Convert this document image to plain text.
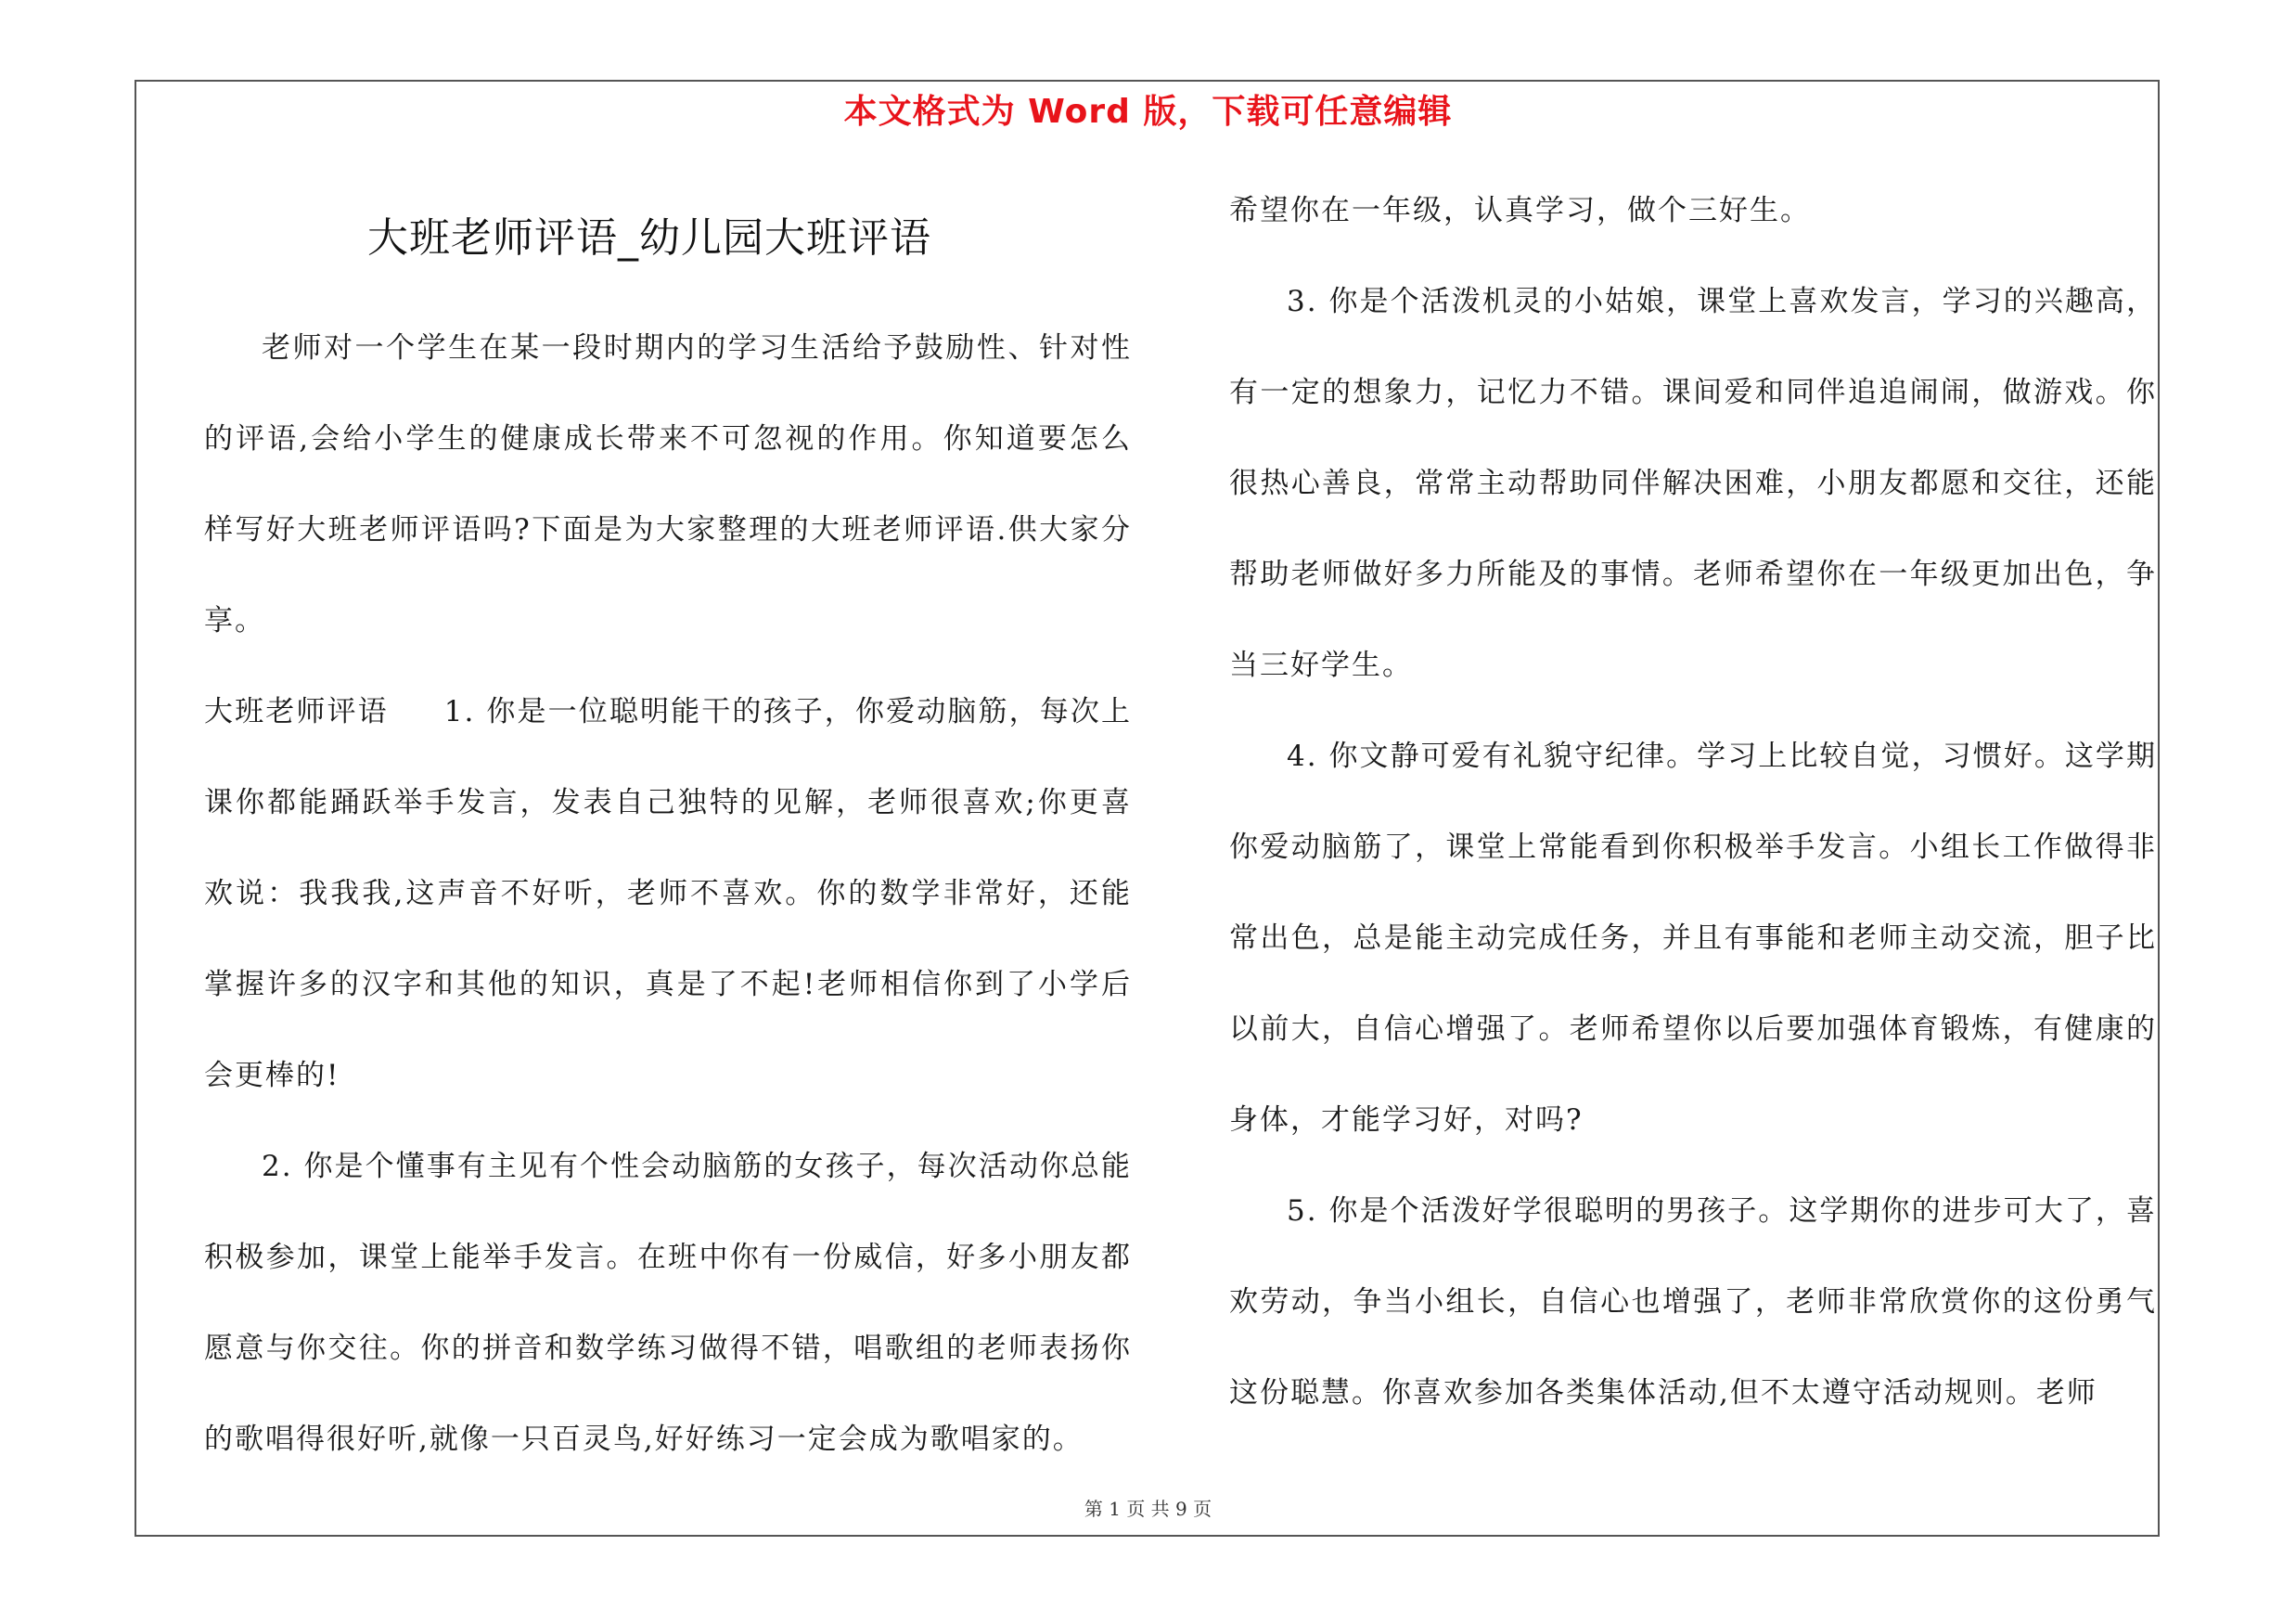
本文格式为 Word 版，下载可任意编辑
大班老师评语_幼儿园大班评语

老师对一个学生在某一段时期内的学习生活给予鼓励性、针对性的评语,会给小学生的健康成长带来不可忽视的作用。你知道要怎么样写好大班老师评语吗?下面是为大家整理的大班老师评语.供大家分享。

大班老师评语 1. 你是一位聪明能干的孩子，你爱动脑筋，每次上课你都能踊跃举手发言，发表自己独特的见解，老师很喜欢;你更喜欢说：我我我,这声音不好听，老师不喜欢。你的数学非常好，还能掌握许多的汉字和其他的知识，真是了不起!老师相信你到了小学后会更棒的!

2. 你是个懂事有主见有个性会动脑筋的女孩子，每次活动你总能积极参加，课堂上能举手发言。在班中你有一份威信，好多小朋友都愿意与你交往。你的拼音和数学练习做得不错，唱歌组的老师表扬你的歌唱得很好听,就像一只百灵鸟,好好练习一定会成为歌唱家的。

希望你在一年级，认真学习，做个三好生。

3. 你是个活泼机灵的小姑娘，课堂上喜欢发言，学习的兴趣高，有一定的想象力，记忆力不错。课间爱和同伴追追闹闹，做游戏。你很热心善良，常常主动帮助同伴解决困难，小朋友都愿和交往，还能帮助老师做好多力所能及的事情。老师希望你在一年级更加出色，争当三好学生。

4. 你文静可爱有礼貌守纪律。学习上比较自觉，习惯好。这学期你爱动脑筋了，课堂上常能看到你积极举手发言。小组长工作做得非常出色，总是能主动完成任务，并且有事能和老师主动交流，胆子比以前大，自信心增强了。老师希望你以后要加强体育锻炼，有健康的身体，才能学习好，对吗?

5. 你是个活泼好学很聪明的男孩子。这学期你的进步可大了，喜欢劳动，争当小组长，自信心也增强了，老师非常欣赏你的这份勇气这份聪慧。你喜欢参加各类集体活动,但不太遵守活动规则。老师

第 1 页 共 9 页
